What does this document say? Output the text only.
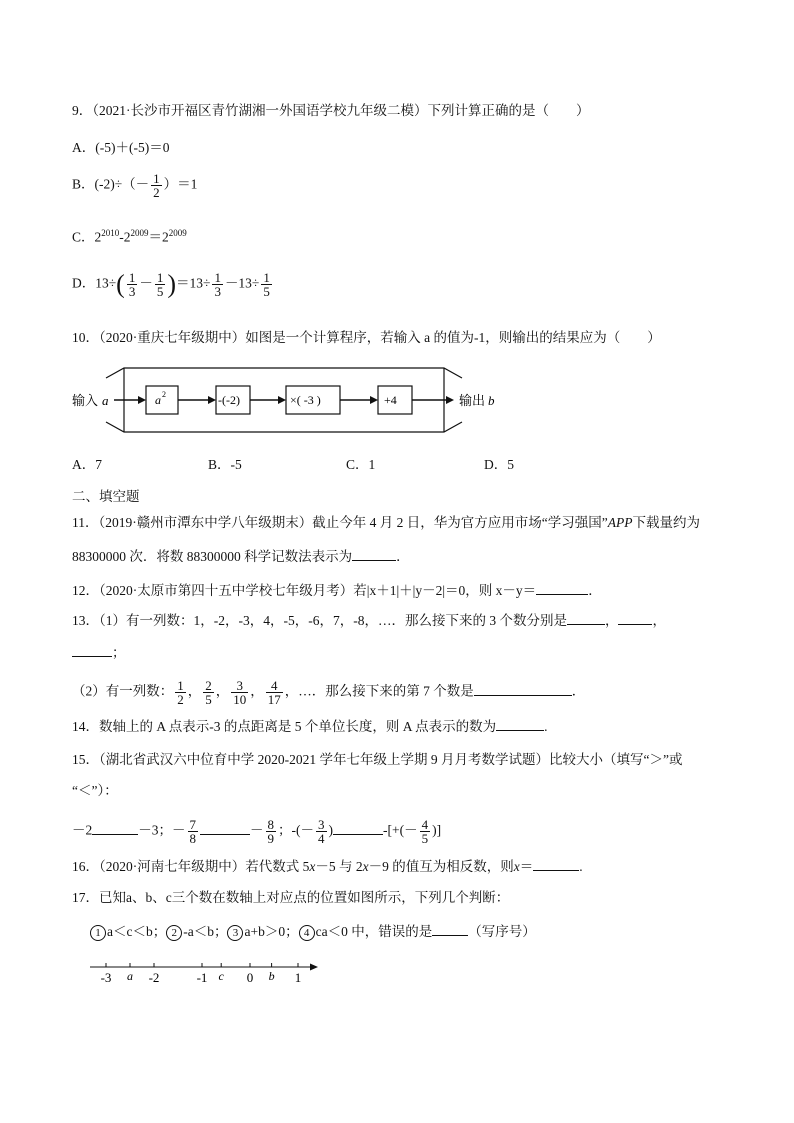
9．（2021·长沙市开福区青竹湖湘一外国语学校九年级二模）下列计算正确的是（　　）
A．(-5)＋(-5)＝0
B．$(-2)\div(- \frac{1}{2} )=1$
C．$2^{2010}-2^{2009}=2^{2009}$
D．$13\div( \frac{1}{3} - \frac{1}{5} )=13\div \frac{1}{3} -13\div \frac{1}{5}$
10．（2020·重庆七年级期中）如图是一个计算程序，若输入 a 的值为-1，则输出的结果应为（　　）
输入 a	a 2	-(-2)	×( -3 )	+4	输出 b
A．7	B．-5	C．1	D．5
二、填空题
11．（2019·赣州市潭东中学八年级期末）截止今年 4 月 2 日，华为官方应用市场“学习强国”APP下载量约为
88300000 次．将数 88300000 科学记数法表示为	．
12．（2020·太原市第四十五中学校七年级月考）若|x＋1|＋|y－2|＝0，则 x－y＝	．
13．（1）有一列数：1，-2，-3，4，-5，-6，7，-8，…．那么接下来的 3 个数分别是	，	，
；
（2）有一列数： $\frac{1}{2}$ ， $\frac{2}{5}$ ， $\frac{3}{10}$ ， $\frac{4}{17}$ ，…．那么接下来的第 7 个数是	．
14．数轴上的 A 点表示-3 的点距离是 5 个单位长度，则 A 点表示的数为	.
15．（湖北省武汉六中位育中学 2020-2021 学年七年级上学期 9 月月考数学试题）比较大小（填写“＞”或
“＜”）：
－2	－3；－ $\frac{7}{8}$	－ $\frac{8}{9}$ ；-(－ $\frac{3}{4}$ )	-[+(－ $\frac{4}{5}$ )]
16．（2020·河南七年级期中）若代数式 5x－5 与 2x－9 的值互为相反数，则x＝	.
17．已知a、b、c三个数在数轴上对应点的位置如图所示，下列几个判断：
1 a＜c＜b； 2 -a＜b； 3 a+b＞0； 4 ca＜0 中，错误的是	（写序号）
-3	-2	-1	0	1
a	c	b
